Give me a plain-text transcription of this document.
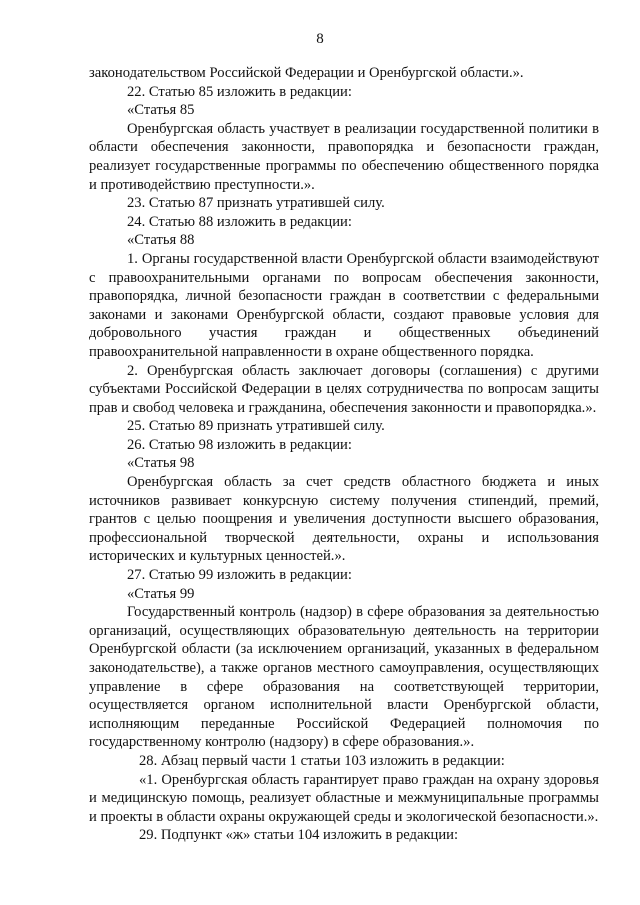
8

законодательством Российской Федерации и Оренбургской области.».

22. Статью 85 изложить в редакции:

«Статья 85

Оренбургская область участвует в реализации государственной политики в области обеспечения законности, правопорядка и безопасности граждан, реализует государственные программы по обеспечению общественного порядка и противодействию преступности.».

23. Статью 87 признать утратившей силу.

24. Статью 88 изложить в редакции:

«Статья 88

1. Органы государственной власти Оренбургской области взаимодействуют с правоохранительными органами по вопросам обеспечения законности, правопорядка, личной безопасности граждан в соответствии с федеральными законами и законами Оренбургской области, создают правовые условия для добровольного участия граждан и общественных объединений правоохранительной направленности в охране общественного порядка.

2. Оренбургская область заключает договоры (соглашения) с другими субъектами Российской Федерации в целях сотрудничества по вопросам защиты прав и свобод человека и гражданина, обеспечения законности и правопорядка.».

25. Статью 89 признать утратившей силу.

26. Статью 98 изложить в редакции:

«Статья 98

Оренбургская область за счет средств областного бюджета и иных источников развивает конкурсную систему получения стипендий, премий, грантов с целью поощрения и увеличения доступности высшего образования, профессиональной творческой деятельности, охраны и использования исторических и культурных ценностей.».

27. Статью 99 изложить в редакции:

«Статья 99

Государственный контроль (надзор) в сфере образования за деятельностью организаций, осуществляющих образовательную деятельность на территории Оренбургской области (за исключением организаций, указанных в федеральном законодательстве), а также органов местного самоуправления, осуществляющих управление в сфере образования на соответствующей территории, осуществляется органом исполнительной власти Оренбургской области, исполняющим переданные Российской Федерацией полномочия по государственному контролю (надзору) в сфере образования.».

28. Абзац первый части 1 статьи 103 изложить в редакции:

«1. Оренбургская область гарантирует право граждан на охрану здоровья и медицинскую помощь, реализует областные и межмуниципальные программы и проекты в области охраны окружающей среды и экологической безопасности.».

29. Подпункт «ж» статьи 104 изложить в редакции:
